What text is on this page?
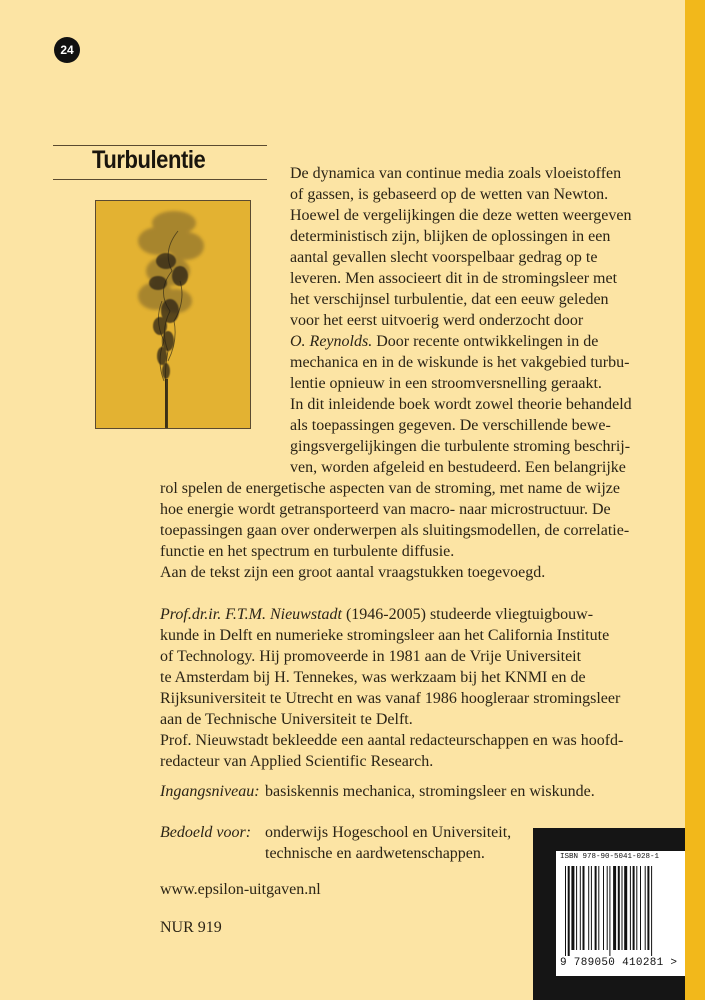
24
Turbulentie	De dynamica van continue media zoals vloeistoffen
of gassen, is gebaseerd op de wetten van Newton.
Hoewel de vergelijkingen die deze wetten weergeven
deterministisch zijn, blijken de oplossingen in een
aantal gevallen slecht voorspelbaar gedrag op te
leveren. Men associeert dit in de stromingsleer met
het verschijnsel turbulentie, dat een eeuw geleden
voor het eerst uitvoerig werd onderzocht door
O. Reynolds. Door recente ontwikkelingen in de
mechanica en in de wiskunde is het vakgebied turbu-
lentie opnieuw in een stroomversnelling geraakt.
In dit inleidende boek wordt zowel theorie behandeld
als toepassingen gegeven. De verschillende bewe-
gingsvergelijkingen die turbulente stroming beschrij-
ven, worden afgeleid en bestudeerd. Een belangrijke
rol spelen de energetische aspecten van de stroming, met name de wijze
hoe energie wordt getransporteerd van macro- naar microstructuur. De
toepassingen gaan over onderwerpen als sluitingsmodellen, de correlatie-
functie en het spectrum en turbulente diffusie.
Aan de tekst zijn een groot aantal vraagstukken toegevoegd.
Prof.dr.ir. F.T.M. Nieuwstadt (1946-2005) studeerde vliegtuigbouw-
kunde in Delft en numerieke stromingsleer aan het California Institute
of Technology. Hij promoveerde in 1981 aan de Vrije Universiteit
te Amsterdam bij H. Tennekes, was werkzaam bij het KNMI en de
Rijksuniversiteit te Utrecht en was vanaf 1986 hoogleraar stromingsleer
aan de Technische Universiteit te Delft.
Prof. Nieuwstadt bekleedde een aantal redacteurschappen en was hoofd-
redacteur van Applied Scientific Research.
Ingangsniveau: basiskennis mechanica, stromingsleer en wiskunde.
Bedoeld voor: onderwijs Hogeschool en Universiteit,
technische en aardwetenschappen.
www.epsilon-uitgaven.nl
NUR 919
ISBN 978-90-5041-028-1
9 789050 410281 >
